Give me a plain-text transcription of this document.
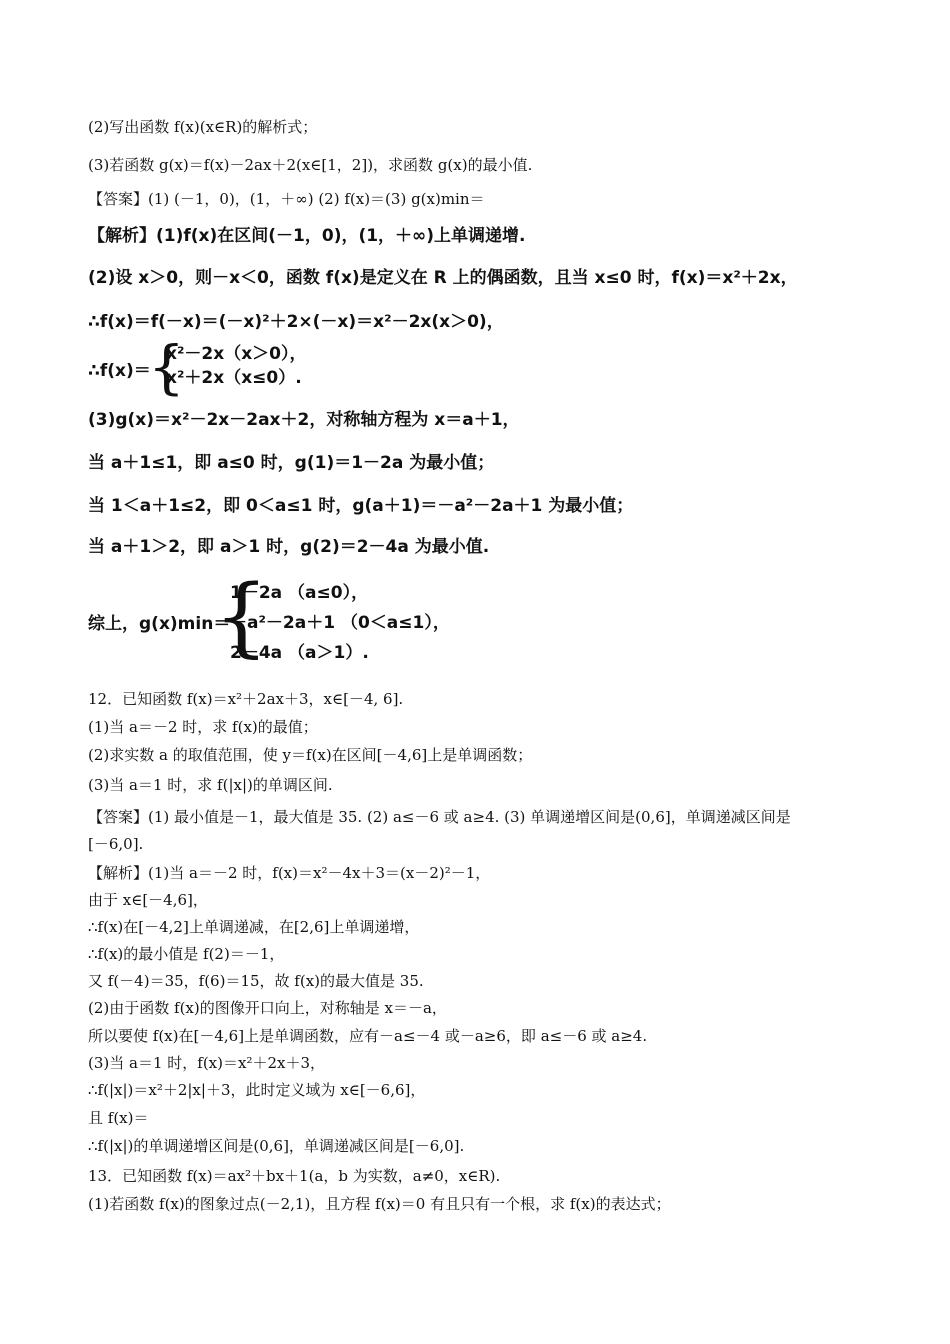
(2)写出函数 f(x)(x∈R)的解析式；
(3)若函数 g(x)＝f(x)－2ax＋2(x∈[1，2])，求函数 g(x)的最小值.
【答案】(1) (－1，0)，(1，＋∞) (2) f(x)＝(3) g(x)min＝
【解析】(1)f(x)在区间(－1，0)，(1，＋∞)上单调递增.
(2)设 x＞0，则－x＜0，函数 f(x)是定义在 R 上的偶函数，且当 x≤0 时，f(x)＝x²＋2x，
∴f(x)＝f(－x)＝(－x)²＋2×(－x)＝x²－2x(x＞0)，
∴f(x)＝
{
x²－2x（x＞0），
x²＋2x（x≤0）.
(3)g(x)＝x²－2x－2ax＋2，对称轴方程为 x＝a＋1，
当 a＋1≤1，即 a≤0 时，g(1)＝1－2a 为最小值；
当 1＜a＋1≤2，即 0＜a≤1 时，g(a＋1)＝－a²－2a＋1 为最小值；
当 a＋1＞2，即 a＞1 时，g(2)＝2－4a 为最小值.
综上，g(x)min＝
{
1－2a （a≤0），
－a²－2a＋1 （0＜a≤1），
2－4a （a＞1）.
12．已知函数 f(x)＝x²＋2ax＋3，x∈[－4, 6].
(1)当 a＝－2 时，求 f(x)的最值；
(2)求实数 a 的取值范围，使 y＝f(x)在区间[－4,6]上是单调函数；
(3)当 a＝1 时，求 f(|x|)的单调区间.
【答案】(1) 最小值是－1，最大值是 35. (2) a≤－6 或 a≥4. (3) 单调递增区间是(0,6]，单调递减区间是
[－6,0].
【解析】(1)当 a＝－2 时，f(x)＝x²－4x＋3＝(x－2)²－1，
由于 x∈[－4,6]，
∴f(x)在[－4,2]上单调递减，在[2,6]上单调递增，
∴f(x)的最小值是 f(2)＝－1，
又 f(－4)＝35，f(6)＝15，故 f(x)的最大值是 35.
(2)由于函数 f(x)的图像开口向上，对称轴是 x＝－a，
所以要使 f(x)在[－4,6]上是单调函数，应有－a≤－4 或－a≥6，即 a≤－6 或 a≥4.
(3)当 a＝1 时，f(x)＝x²＋2x＋3，
∴f(|x|)＝x²＋2|x|＋3，此时定义域为 x∈[－6,6]，
且 f(x)＝
∴f(|x|)的单调递增区间是(0,6]，单调递减区间是[－6,0].
13．已知函数 f(x)＝ax²＋bx＋1(a，b 为实数，a≠0，x∈R).
(1)若函数 f(x)的图象过点(－2,1)，且方程 f(x)＝0 有且只有一个根，求 f(x)的表达式；
